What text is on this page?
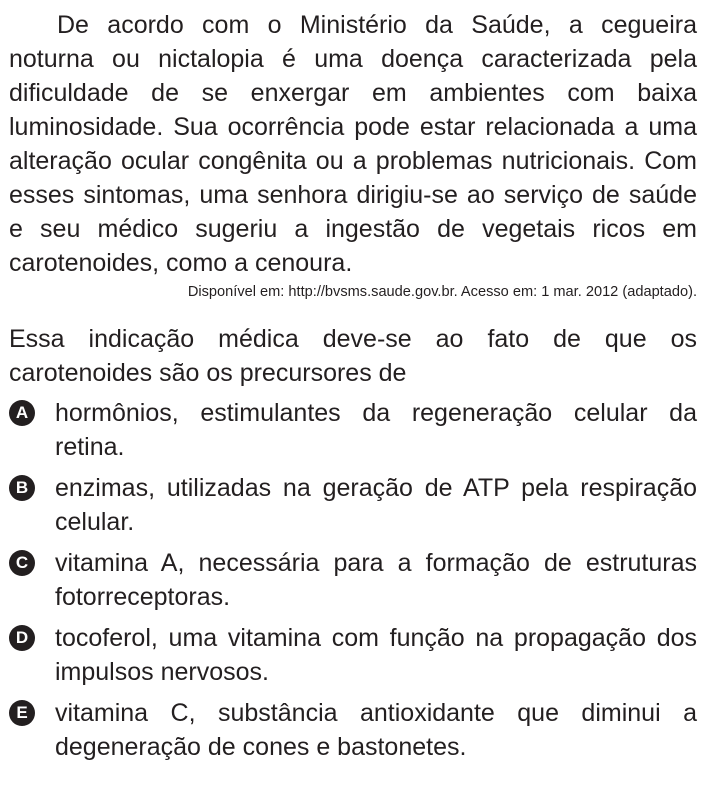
De acordo com o Ministério da Saúde, a cegueira noturna ou nictalopia é uma doença caracterizada pela dificuldade de se enxergar em ambientes com baixa luminosidade. Sua ocorrência pode estar relacionada a uma alteração ocular congênita ou a problemas nutricionais. Com esses sintomas, uma senhora dirigiu-se ao serviço de saúde e seu médico sugeriu a ingestão de vegetais ricos em carotenoides, como a cenoura.

Disponível em: http://bvsms.saude.gov.br. Acesso em: 1 mar. 2012 (adaptado).

Essa indicação médica deve-se ao fato de que os carotenoides são os precursores de

A hormônios, estimulantes da regeneração celular da retina.
B enzimas, utilizadas na geração de ATP pela respiração celular.
C vitamina A, necessária para a formação de estruturas fotorreceptoras.
D tocoferol, uma vitamina com função na propagação dos impulsos nervosos.
E vitamina C, substância antioxidante que diminui a degeneração de cones e bastonetes.
